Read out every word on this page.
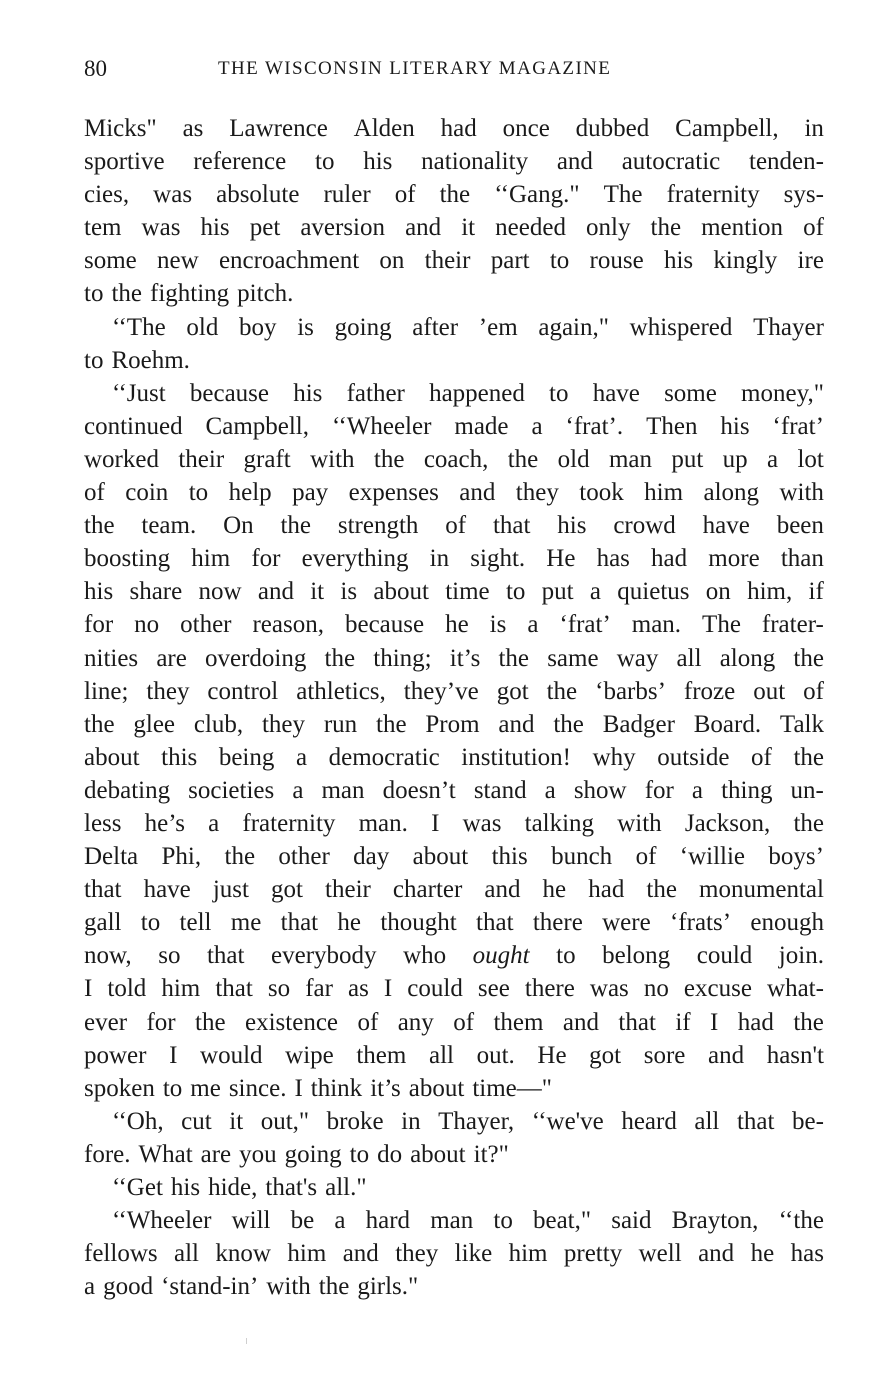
80	THE WISCONSIN LITERARY MAGAZINE
Micks" as Lawrence Alden had once dubbed Campbell, in
sportive reference to his nationality and autocratic tenden-
cies, was absolute ruler of the ‘‘Gang." The fraternity sys-
tem was his pet aversion and it needed only the mention of
some new encroachment on their part to rouse his kingly ire
to the fighting pitch.
‘‘The old boy is going after ’em again," whispered Thayer
to Roehm.
‘‘Just because his father happened to have some money,"
continued Campbell, ‘‘Wheeler made a ‘frat’. Then his ‘frat’
worked their graft with the coach, the old man put up a lot
of coin to help pay expenses and they took him along with
the team. On the strength of that his crowd have been
boosting him for everything in sight. He has had more than
his share now and it is about time to put a quietus on him, if
for no other reason, because he is a ‘frat’ man. The frater-
nities are overdoing the thing; it’s the same way all along the
line; they control athletics, they’ve got the ‘barbs’ froze out of
the glee club, they run the Prom and the Badger Board. Talk
about this being a democratic institution! why outside of the
debating societies a man doesn’t stand a show for a thing un-
less he’s a fraternity man. I was talking with Jackson, the
Delta Phi, the other day about this bunch of ‘willie boys’
that have just got their charter and he had the monumental
gall to tell me that he thought that there were ‘frats’ enough
now, so that everybody who ought to belong could join.
I told him that so far as I could see there was no excuse what-
ever for the existence of any of them and that if I had the
power I would wipe them all out. He got sore and hasn't
spoken to me since. I think it’s about time—"
‘‘Oh, cut it out," broke in Thayer, ‘‘we've heard all that be-
fore. What are you going to do about it?"
‘‘Get his hide, that's all."
‘‘Wheeler will be a hard man to beat," said Brayton, ‘‘the
fellows all know him and they like him pretty well and he has
a good ‘stand-in’ with the girls."
